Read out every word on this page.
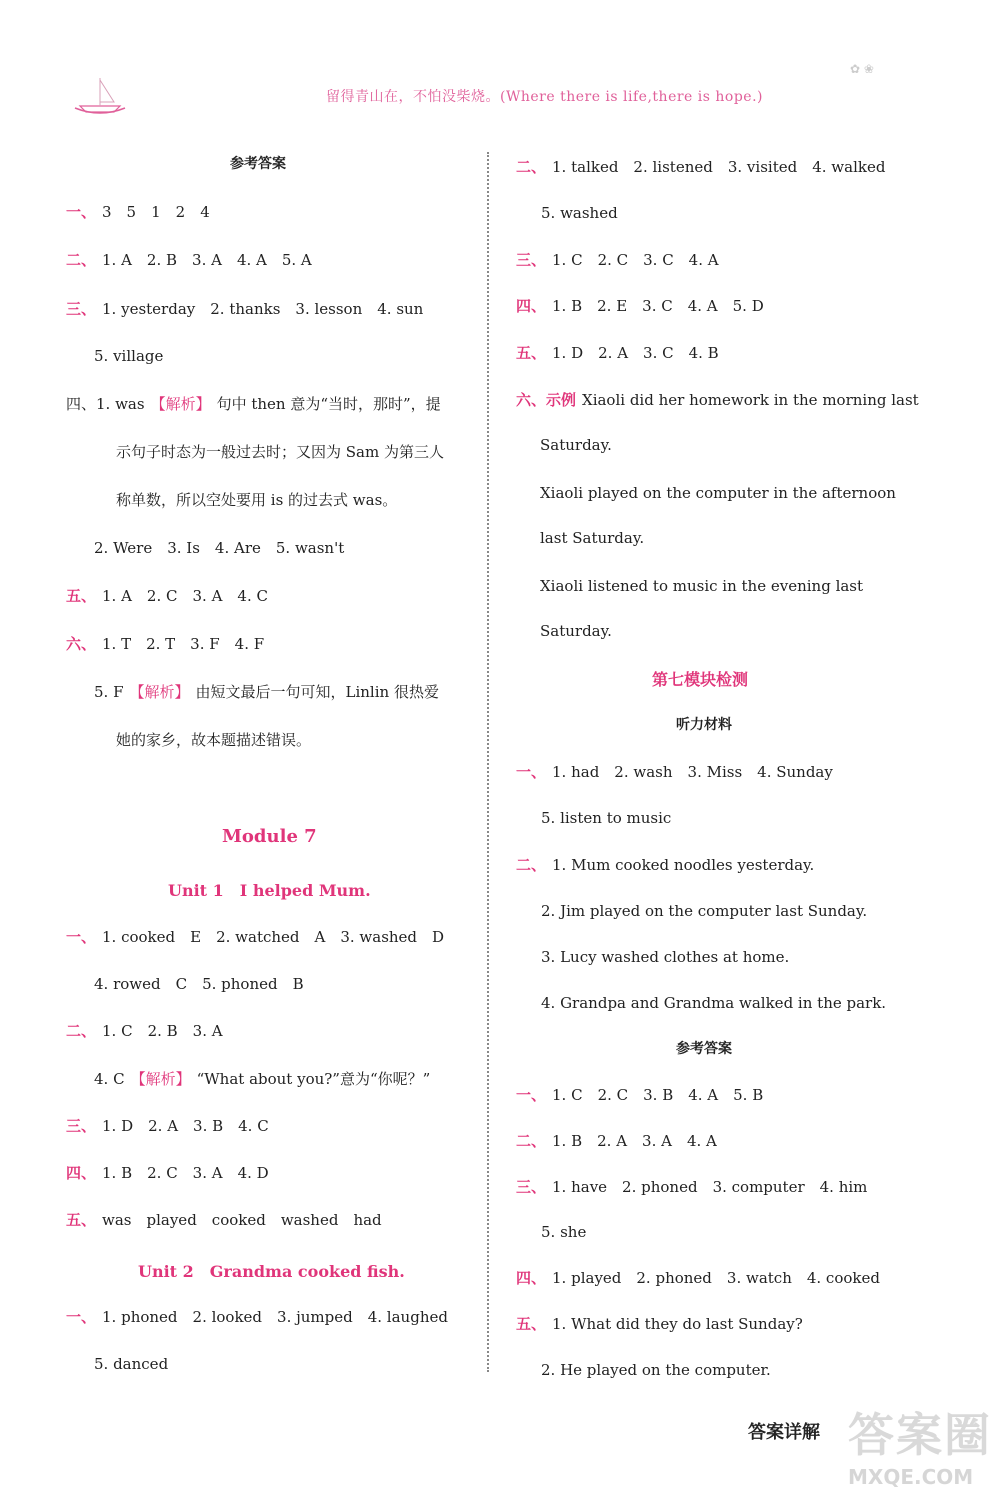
留得青山在，不怕没柴烧。(Where there is life,there is hope.)
✿ ❀
参考答案
一、 3　5　1　2　4
二、 1. A　2. B　3. A　4. A　5. A
三、 1. yesterday　2. thanks　3. lesson　4. sun
5. village
四、1. was 【解析】 句中 then 意为“当时，那时”，提
示句子时态为一般过去时；又因为 Sam 为第三人
称单数，所以空处要用 is 的过去式 was。
2. Were　3. Is　4. Are　5. wasn't
五、 1. A　2. C　3. A　4. C
六、 1. T　2. T　3. F　4. F
5. F 【解析】 由短文最后一句可知，Linlin 很热爱
她的家乡，故本题描述错误。
Module 7
Unit 1　I helped Mum.
一、 1. cooked　E　2. watched　A　3. washed　D
4. rowed　C　5. phoned　B
二、 1. C　2. B　3. A
4. C 【解析】 “What about you?”意为“你呢？”
三、 1. D　2. A　3. B　4. C
四、 1. B　2. C　3. A　4. D
五、 was　played　cooked　washed　had
Unit 2　Grandma cooked fish.
一、 1. phoned　2. looked　3. jumped　4. laughed
5. danced
二、 1. talked　2. listened　3. visited　4. walked
5. washed
三、 1. C　2. C　3. C　4. A
四、 1. B　2. E　3. C　4. A　5. D
五、 1. D　2. A　3. C　4. B
六、示例 Xiaoli did her homework in the morning last
Saturday.
Xiaoli played on the computer in the afternoon
last Saturday.
Xiaoli listened to music in the evening last
Saturday.
第七模块检测
听力材料
一、 1. had　2. wash　3. Miss　4. Sunday
5. listen to music
二、 1. Mum cooked noodles yesterday.
2. Jim played on the computer last Sunday.
3. Lucy washed clothes at home.
4. Grandpa and Grandma walked in the park.
参考答案
一、 1. C　2. C　3. B　4. A　5. B
二、 1. B　2. A　3. A　4. A
三、 1. have　2. phoned　3. computer　4. him
5. she
四、 1. played　2. phoned　3. watch　4. cooked
五、 1. What did they do last Sunday?
2. He played on the computer.
答案详解 答案圈
MXQE.COM
